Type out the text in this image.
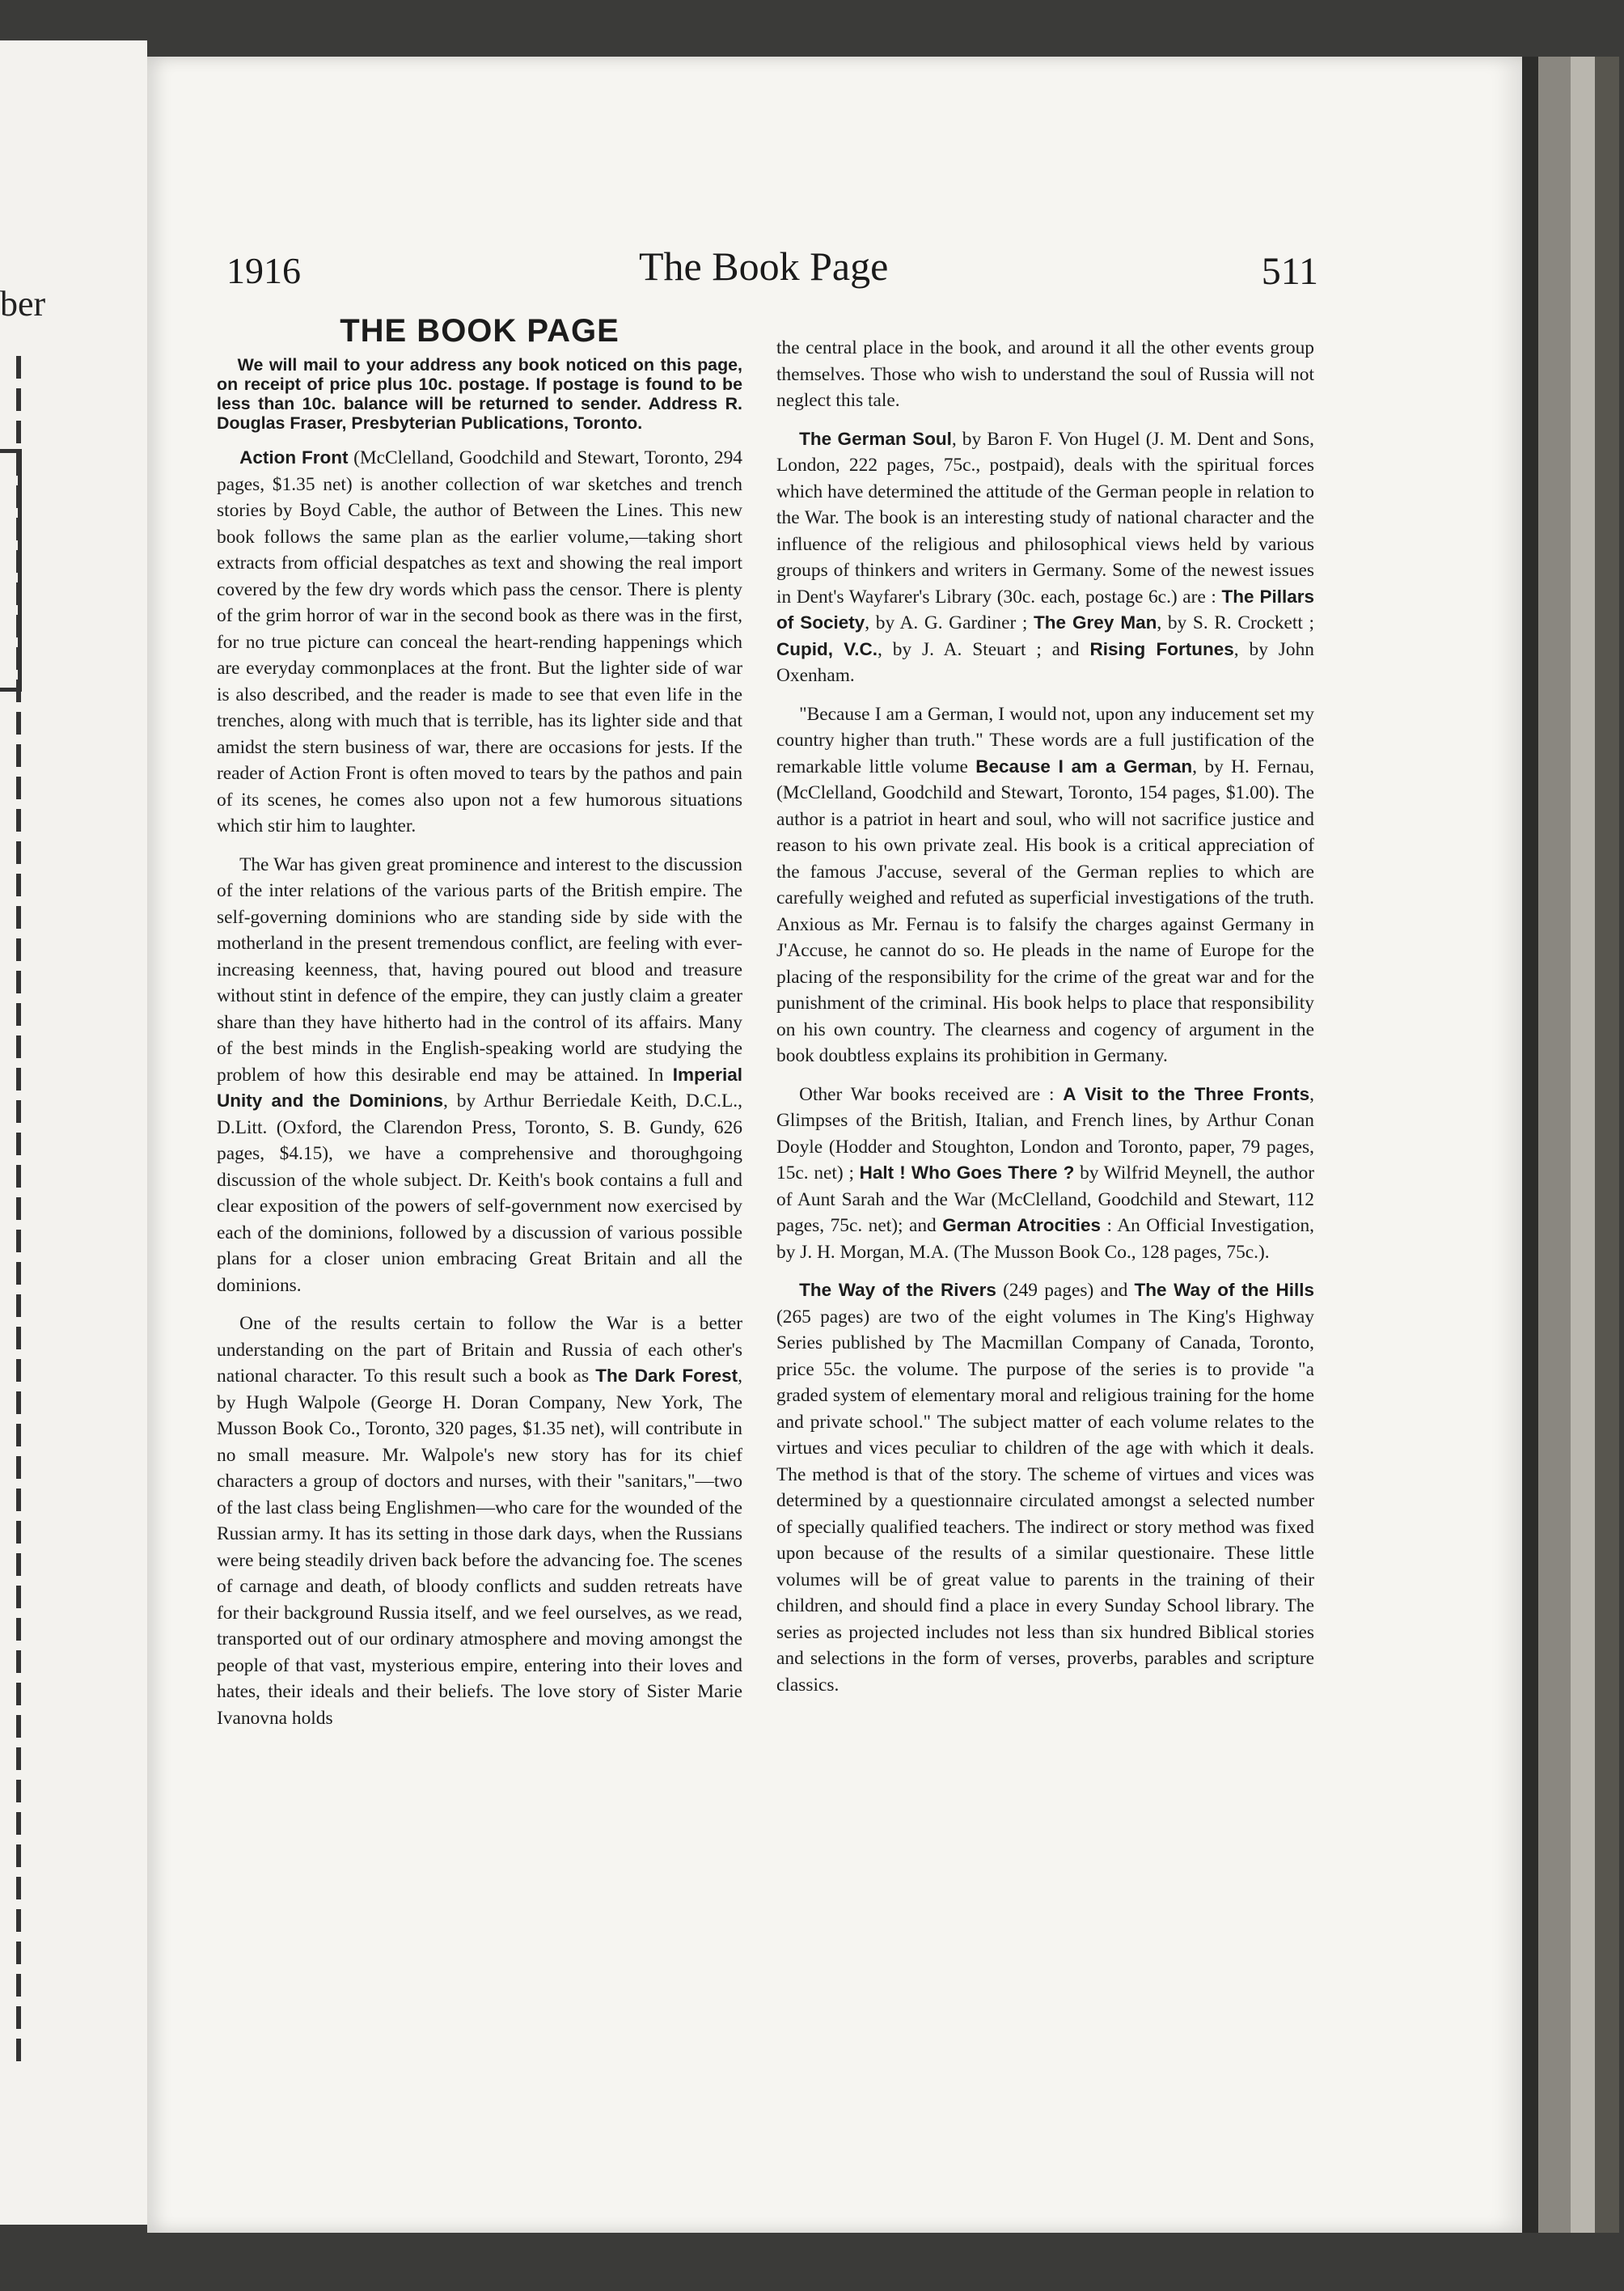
ber
1916	The Book Page	511
THE BOOK PAGE

We will mail to your address any book noticed on this page, on receipt of price plus 10c. postage. If postage is found to be less than 10c. balance will be returned to sender. Address R. Douglas Fraser, Presbyterian Publications, Toronto.

Action Front (McClelland, Goodchild and Stewart, Toronto, 294 pages, $1.35 net) is another collection of war sketches and trench stories by Boyd Cable, the author of Between the Lines. This new book follows the same plan as the earlier volume,—taking short extracts from official despatches as text and showing the real import covered by the few dry words which pass the censor. There is plenty of the grim horror of war in the second book as there was in the first, for no true picture can conceal the heart-rending happenings which are everyday commonplaces at the front. But the lighter side of war is also described, and the reader is made to see that even life in the trenches, along with much that is terrible, has its lighter side and that amidst the stern business of war, there are occasions for jests. If the reader of Action Front is often moved to tears by the pathos and pain of its scenes, he comes also upon not a few humorous situations which stir him to laughter.

The War has given great prominence and interest to the discussion of the inter relations of the various parts of the British empire. The self-governing dominions who are standing side by side with the motherland in the present tremendous conflict, are feeling with ever-increasing keenness, that, having poured out blood and treasure without stint in defence of the empire, they can justly claim a greater share than they have hitherto had in the control of its affairs. Many of the best minds in the English-speaking world are studying the problem of how this desirable end may be attained. In Imperial Unity and the Dominions, by Arthur Berriedale Keith, D.C.L., D.Litt. (Oxford, the Clarendon Press, Toronto, S. B. Gundy, 626 pages, $4.15), we have a comprehensive and thoroughgoing discussion of the whole subject. Dr. Keith's book contains a full and clear exposition of the powers of self-government now exercised by each of the dominions, followed by a discussion of various possible plans for a closer union embracing Great Britain and all the dominions.

One of the results certain to follow the War is a better understanding on the part of Britain and Russia of each other's national character. To this result such a book as The Dark Forest, by Hugh Walpole (George H. Doran Company, New York, The Musson Book Co., Toronto, 320 pages, $1.35 net), will contribute in no small measure. Mr. Walpole's new story has for its chief characters a group of doctors and nurses, with their "sanitars,"—two of the last class being Englishmen—who care for the wounded of the Russian army. It has its setting in those dark days, when the Russians were being steadily driven back before the advancing foe. The scenes of carnage and death, of bloody conflicts and sudden retreats have for their background Russia itself, and we feel ourselves, as we read, transported out of our ordinary atmosphere and moving amongst the people of that vast, mysterious empire, entering into their loves and hates, their ideals and their beliefs. The love story of Sister Marie Ivanovna holds

the central place in the book, and around it all the other events group themselves. Those who wish to understand the soul of Russia will not neglect this tale.

The German Soul, by Baron F. Von Hugel (J. M. Dent and Sons, London, 222 pages, 75c., postpaid), deals with the spiritual forces which have determined the attitude of the German people in relation to the War. The book is an interesting study of national character and the influence of the religious and philosophical views held by various groups of thinkers and writers in Germany. Some of the newest issues in Dent's Wayfarer's Library (30c. each, postage 6c.) are : The Pillars of Society, by A. G. Gardiner ; The Grey Man, by S. R. Crockett ; Cupid, V.C., by J. A. Steuart ; and Rising Fortunes, by John Oxenham.

"Because I am a German, I would not, upon any inducement set my country higher than truth." These words are a full justification of the remarkable little volume Because I am a German, by H. Fernau, (McClelland, Goodchild and Stewart, Toronto, 154 pages, $1.00). The author is a patriot in heart and soul, who will not sacrifice justice and reason to his own private zeal. His book is a critical appreciation of the famous J'accuse, several of the German replies to which are carefully weighed and refuted as superficial investigations of the truth. Anxious as Mr. Fernau is to falsify the charges against Germany in J'Accuse, he cannot do so. He pleads in the name of Europe for the placing of the responsibility for the crime of the great war and for the punishment of the criminal. His book helps to place that responsibility on his own country. The clearness and cogency of argument in the book doubtless explains its prohibition in Germany.

Other War books received are : A Visit to the Three Fronts, Glimpses of the British, Italian, and French lines, by Arthur Conan Doyle (Hodder and Stoughton, London and Toronto, paper, 79 pages, 15c. net) ; Halt ! Who Goes There ? by Wilfrid Meynell, the author of Aunt Sarah and the War (McClelland, Goodchild and Stewart, 112 pages, 75c. net); and German Atrocities : An Official Investigation, by J. H. Morgan, M.A. (The Musson Book Co., 128 pages, 75c.).

The Way of the Rivers (249 pages) and The Way of the Hills (265 pages) are two of the eight volumes in The King's Highway Series published by The Macmillan Company of Canada, Toronto, price 55c. the volume. The purpose of the series is to provide "a graded system of elementary moral and religious training for the home and private school." The subject matter of each volume relates to the virtues and vices peculiar to children of the age with which it deals. The method is that of the story. The scheme of virtues and vices was determined by a questionnaire circulated amongst a selected number of specially qualified teachers. The indirect or story method was fixed upon because of the results of a similar questionaire. These little volumes will be of great value to parents in the training of their children, and should find a place in every Sunday School library. The series as projected includes not less than six hundred Biblical stories and selections in the form of verses, proverbs, parables and scripture classics.
